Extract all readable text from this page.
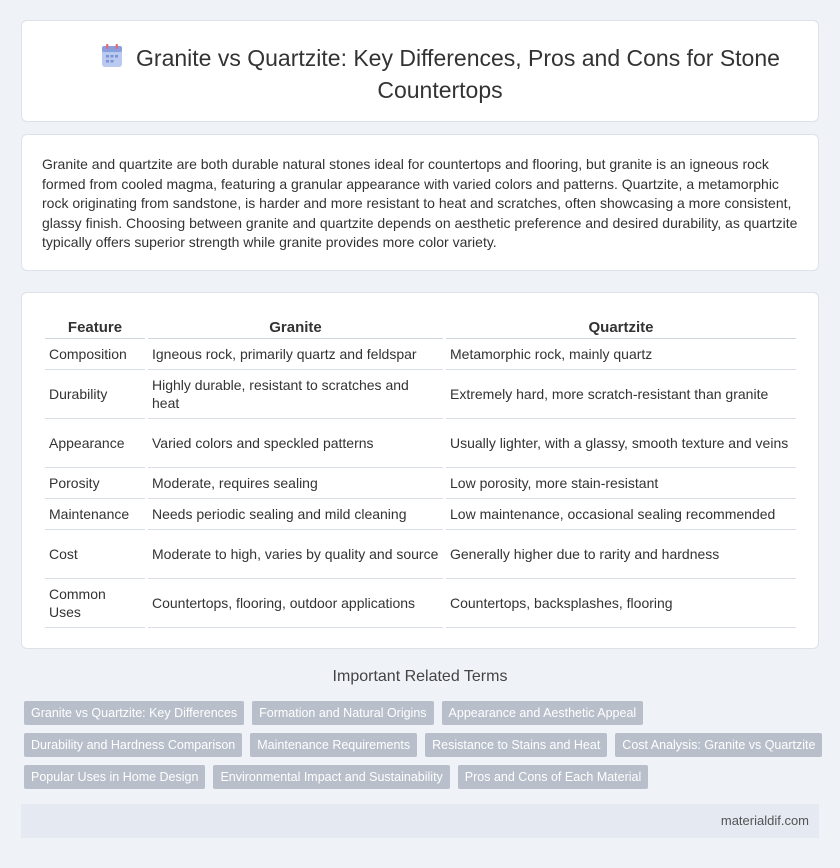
Granite vs Quartzite: Key Differences, Pros and Cons for Stone Countertops

Granite and quartzite are both durable natural stones ideal for countertops and flooring, but granite is an igneous rock formed from cooled magma, featuring a granular appearance with varied colors and patterns. Quartzite, a metamorphic rock originating from sandstone, is harder and more resistant to heat and scratches, often showcasing a more consistent, glassy finish. Choosing between granite and quartzite depends on aesthetic preference and desired durability, as quartzite typically offers superior strength while granite provides more color variety.

Feature	Granite	Quartzite
Composition	Igneous rock, primarily quartz and feldspar	Metamorphic rock, mainly quartz
Durability	Highly durable, resistant to scratches and heat	Extremely hard, more scratch-resistant than granite
Appearance	Varied colors and speckled patterns	Usually lighter, with a glassy, smooth texture and veins
Porosity	Moderate, requires sealing	Low porosity, more stain-resistant
Maintenance	Needs periodic sealing and mild cleaning	Low maintenance, occasional sealing recommended
Cost	Moderate to high, varies by quality and source	Generally higher due to rarity and hardness
Common Uses	Countertops, flooring, outdoor applications	Countertops, backsplashes, flooring
Important Related Terms
Granite vs Quartzite: Key Differences	Formation and Natural Origins	Appearance and Aesthetic Appeal
Durability and Hardness Comparison	Maintenance Requirements	Resistance to Stains and Heat	Cost Analysis: Granite vs Quartzite
Popular Uses in Home Design	Environmental Impact and Sustainability	Pros and Cons of Each Material
materialdif.com
